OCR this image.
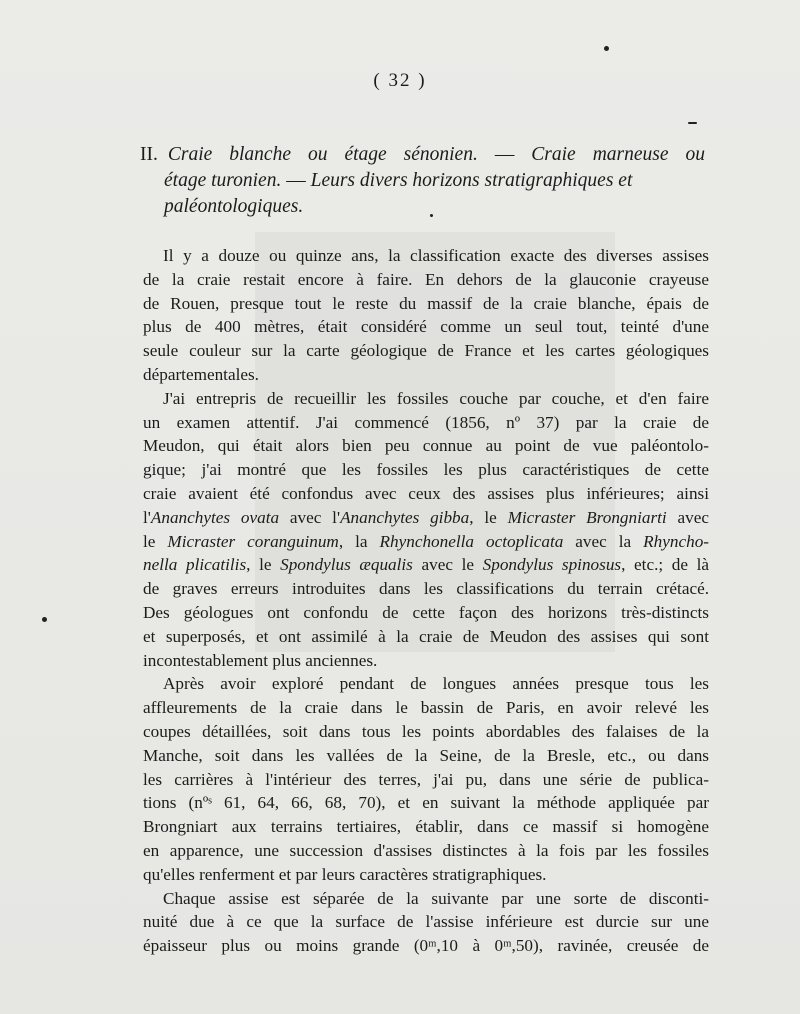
( 32 )
II. Craie blanche ou étage sénonien. — Craie marneuse ou
étage turonien. — Leurs divers horizons stratigraphiques et
paléontologiques.
Il y a douze ou quinze ans, la classification exacte des diverses assises
de la craie restait encore à faire. En dehors de la glauconie crayeuse
de Rouen, presque tout le reste du massif de la craie blanche, épais de
plus de 400 mètres, était considéré comme un seul tout, teinté d'une
seule couleur sur la carte géologique de France et les cartes géologiques
départementales.
J'ai entrepris de recueillir les fossiles couche par couche, et d'en faire
un examen attentif. J'ai commencé (1856, nº 37) par la craie de
Meudon, qui était alors bien peu connue au point de vue paléontolo-
gique; j'ai montré que les fossiles les plus caractéristiques de cette
craie avaient été confondus avec ceux des assises plus inférieures; ainsi
l'Ananchytes ovata avec l'Ananchytes gibba, le Micraster Brongniarti avec
le Micraster coranguinum, la Rhynchonella octoplicata avec la Rhyncho-
nella plicatilis, le Spondylus æqualis avec le Spondylus spinosus, etc.; de là
de graves erreurs introduites dans les classifications du terrain crétacé.
Des géologues ont confondu de cette façon des horizons très-distincts
et superposés, et ont assimilé à la craie de Meudon des assises qui sont
incontestablement plus anciennes.
Après avoir exploré pendant de longues années presque tous les
affleurements de la craie dans le bassin de Paris, en avoir relevé les
coupes détaillées, soit dans tous les points abordables des falaises de la
Manche, soit dans les vallées de la Seine, de la Bresle, etc., ou dans
les carrières à l'intérieur des terres, j'ai pu, dans une série de publica-
tions (nºˢ 61, 64, 66, 68, 70), et en suivant la méthode appliquée par
Brongniart aux terrains tertiaires, établir, dans ce massif si homogène
en apparence, une succession d'assises distinctes à la fois par les fossiles
qu'elles renferment et par leurs caractères stratigraphiques.
Chaque assise est séparée de la suivante par une sorte de disconti-
nuité due à ce que la surface de l'assise inférieure est durcie sur une
épaisseur plus ou moins grande (0ᵐ,10 à 0ᵐ,50), ravinée, creusée de
